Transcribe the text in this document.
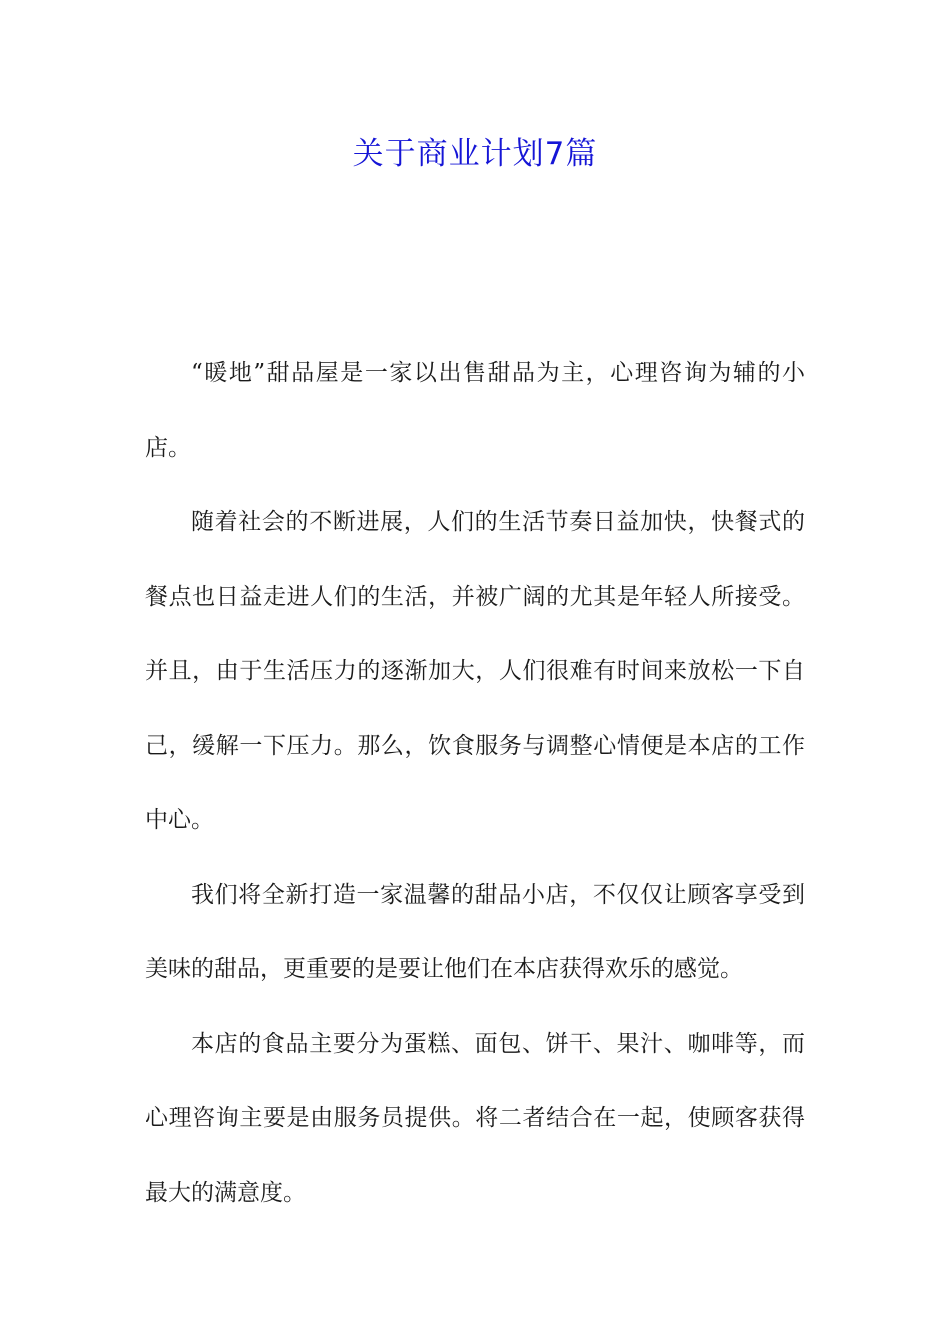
关于商业计划7篇

“暖地”甜品屋是一家以出售甜品为主，心理咨询为辅的小店。

随着社会的不断进展，人们的生活节奏日益加快，快餐式的餐点也日益走进人们的生活，并被广阔的尤其是年轻人所接受。并且，由于生活压力的逐渐加大，人们很难有时间来放松一下自己，缓解一下压力。那么，饮食服务与调整心情便是本店的工作中心。

我们将全新打造一家温馨的甜品小店，不仅仅让顾客享受到美味的甜品，更重要的是要让他们在本店获得欢乐的感觉。

本店的食品主要分为蛋糕、面包、饼干、果汁、咖啡等，而心理咨询主要是由服务员提供。将二者结合在一起，使顾客获得最大的满意度。
